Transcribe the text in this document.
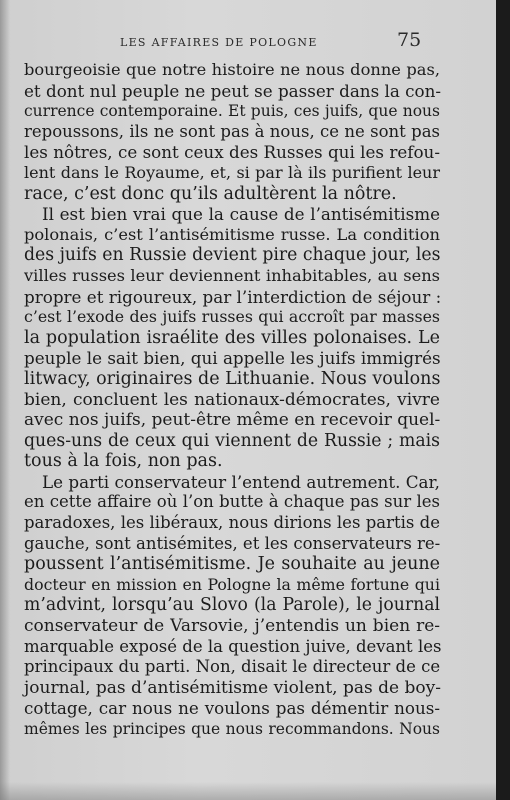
LES AFFAIRES DE POLOGNE	75
bourgeoisie que notre histoire ne nous donne pas,
et dont nul peuple ne peut se passer dans la con-
currence contemporaine. Et puis, ces juifs, que nous
repoussons, ils ne sont pas à nous, ce ne sont pas
les nôtres, ce sont ceux des Russes qui les refou-
lent dans le Royaume, et, si par là ils purifient leur
race, c’est donc qu’ils adultèrent la nôtre.
Il est bien vrai que la cause de l’antisémitisme
polonais, c’est l’antisémitisme russe. La condition
des juifs en Russie devient pire chaque jour, les
villes russes leur deviennent inhabitables, au sens
propre et rigoureux, par l’interdiction de séjour :
c’est l’exode des juifs russes qui accroît par masses
la population israélite des villes polonaises. Le
peuple le sait bien, qui appelle les juifs immigrés
litwacy, originaires de Lithuanie. Nous voulons
bien, concluent les nationaux-démocrates, vivre
avec nos juifs, peut-être même en recevoir quel-
ques-uns de ceux qui viennent de Russie ; mais
tous à la fois, non pas.
Le parti conservateur l’entend autrement. Car,
en cette affaire où l’on butte à chaque pas sur les
paradoxes, les libéraux, nous dirions les partis de
gauche, sont antisémites, et les conservateurs re-
poussent l’antisémitisme. Je souhaite au jeune
docteur en mission en Pologne la même fortune qui
m’advint, lorsqu’au Slovo (la Parole), le journal
conservateur de Varsovie, j’entendis un bien re-
marquable exposé de la question juive, devant les
principaux du parti. Non, disait le directeur de ce
journal, pas d’antisémitisme violent, pas de boy-
cottage, car nous ne voulons pas démentir nous-
mêmes les principes que nous recommandons. Nous
